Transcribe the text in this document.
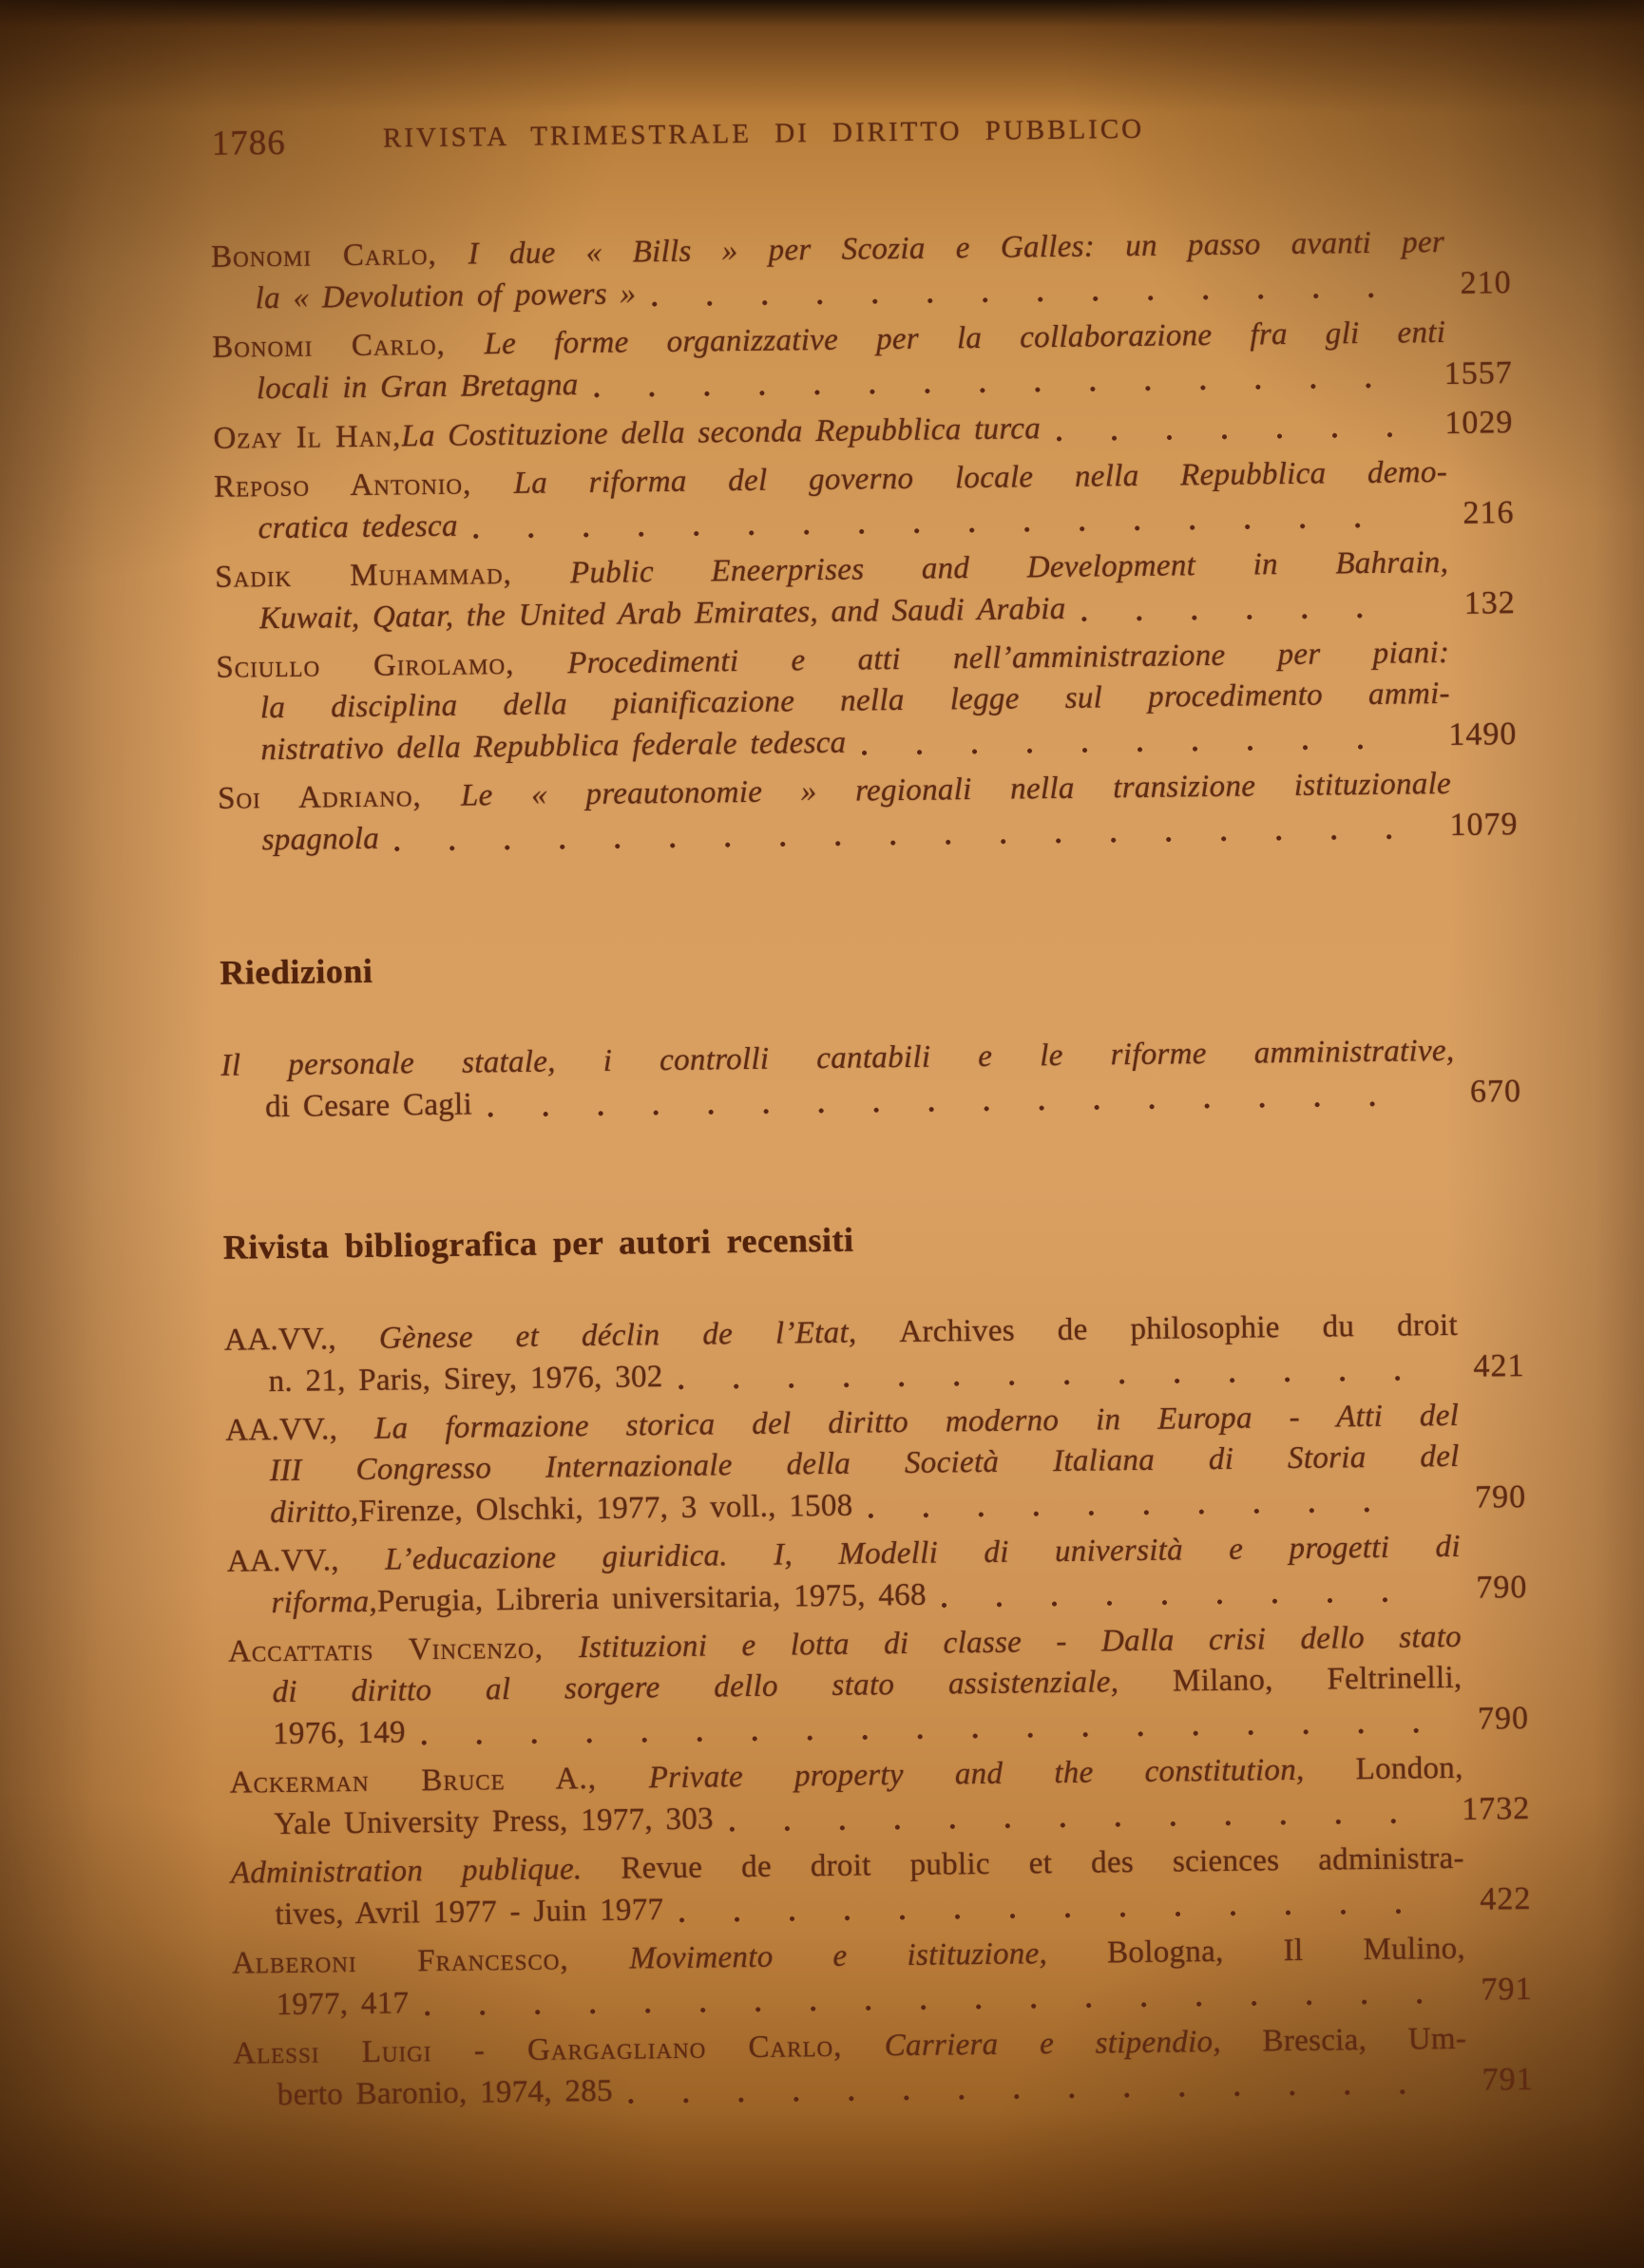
1786	RIVISTA TRIMESTRALE DI DIRITTO PUBBLICO
Bonomi Carlo, I due « Bills » per Scozia e Galles: un passo avanti per
la « Devolution of powers »	210
Bonomi Carlo, Le forme organizzative per la collaborazione fra gli enti
locali in Gran Bretagna	1557
Ozay Il Han, La Costituzione della seconda Repubblica turca	1029
Reposo Antonio, La riforma del governo locale nella Repubblica demo-
cratica tedesca	216
Sadik Muhammad, Public Eneerprises and Development in Bahrain,
Kuwait, Qatar, the United Arab Emirates, and Saudi Arabia	132
Sciullo Girolamo, Procedimenti e atti nell’amministrazione per piani:
la disciplina della pianificazione nella legge sul procedimento ammi-
nistrativo della Repubblica federale tedesca	1490
Soi Adriano, Le « preautonomie » regionali nella transizione istituzionale
spagnola	1079
Riedizioni
Il personale statale, i controlli cantabili e le riforme amministrative,
di Cesare Cagli	670
Rivista bibliografica per autori recensiti
AA.VV., Gènese et déclin de l’Etat, Archives de philosophie du droit
n. 21, Paris, Sirey, 1976, 302	421
AA.VV., La formazione storica del diritto moderno in Europa - Atti del
III Congresso Internazionale della Società Italiana di Storia del
diritto, Firenze, Olschki, 1977, 3 voll., 1508	790
AA.VV., L’educazione giuridica. I, Modelli di università e progetti di
riforma, Perugia, Libreria universitaria, 1975, 468	790
Accattatis Vincenzo, Istituzioni e lotta di classe - Dalla crisi dello stato
di diritto al sorgere dello stato assistenziale, Milano, Feltrinelli,
1976, 149	790
Ackerman Bruce A., Private property and the constitution, London,
Yale University Press, 1977, 303	1732
Administration publique. Revue de droit public et des sciences administra-
tives, Avril 1977 - Juin 1977	422
Alberoni Francesco, Movimento e istituzione, Bologna, Il Mulino,
1977, 417	791
Alessi Luigi - Gargagliano Carlo, Carriera e stipendio, Brescia, Um-
berto Baronio, 1974, 285	791
